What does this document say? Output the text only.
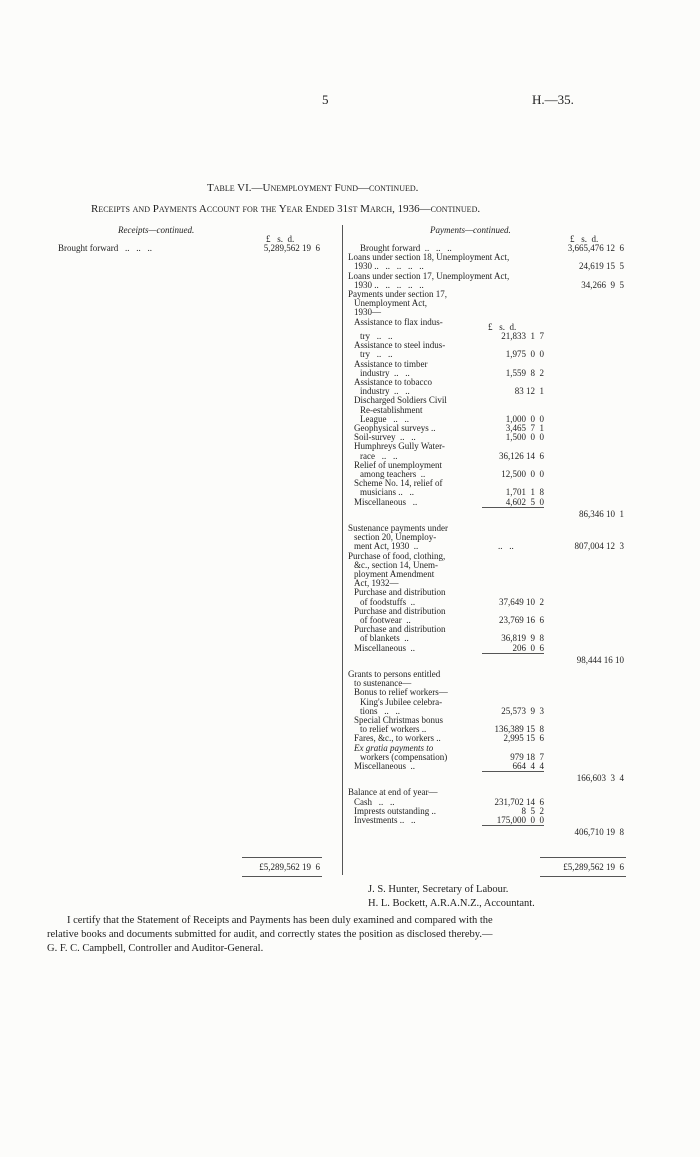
5	H.—35.
Table VI.—Unemployment Fund—continued.
Receipts and Payments Account for the Year Ended 31st March, 1936—continued.
Receipts—continued.
£   s.  d.
Brought forward   ..   ..   ..	5,289,562 19  6
£5,289,562 19  6
Payments—continued.
£   s.  d.
£   s.  d.
Brought forward  ..   ..   ..	3,665,476 12  6
Loans under section 18, Unemployment Act,
1930 ..   ..   ..   ..   ..	24,619 15  5
Loans under section 17, Unemployment Act,
1930 ..   ..   ..   ..   ..	34,266  9  5
Payments under section 17,
Unemployment Act,
1930—
Assistance to flax indus-
try   ..   ..	21,833  1  7
Assistance to steel indus-
try   ..   ..	1,975  0  0
Assistance to timber
industry  ..   ..	1,559  8  2
Assistance to tobacco
industry  ..   ..	83 12  1
Discharged Soldiers Civil
Re-establishment
League   ..   ..	1,000  0  0
Geophysical surveys ..	3,465  7  1
Soil-survey  ..   ..	1,500  0  0
Humphreys Gully Water-
race   ..   ..	36,126 14  6
Relief of unemployment
among teachers  ..	12,500  0  0
Scheme No. 14, relief of
musicians ..   ..	1,701  1  8
Miscellaneous   ..	4,602  5  0
86,346 10  1
Sustenance payments under
section 20, Unemploy-
ment Act, 1930  ..	..   ..	807,004 12  3
Purchase of food, clothing,
&c., section 14, Unem-
ployment Amendment
Act, 1932—
Purchase and distribution
of foodstuffs  ..	37,649 10  2
Purchase and distribution
of footwear  ..	23,769 16  6
Purchase and distribution
of blankets  ..	36,819  9  8
Miscellaneous  ..	206  0  6
98,444 16 10
Grants to persons entitled
to sustenance—
Bonus to relief workers—
King's Jubilee celebra-
tions   ..   ..	25,573  9  3
Special Christmas bonus
to relief workers ..	136,389 15  8
Fares, &c., to workers ..	2,995 15  6
Ex gratia payments to
workers (compensation)	979 18  7
Miscellaneous  ..	664  4  4
166,603  3  4
Balance at end of year—
Cash   ..   ..	231,702 14  6
Imprests outstanding ..	8  5  2
Investments ..   ..	175,000  0  0
406,710 19  8
£5,289,562 19  6
J. S. Hunter, Secretary of Labour.
H. L. Bockett, A.R.A.N.Z., Accountant.
I certify that the Statement of Receipts and Payments has been duly examined and compared with the
relative books and documents submitted for audit, and correctly states the position as disclosed thereby.—
G. F. C. Campbell, Controller and Auditor-General.
